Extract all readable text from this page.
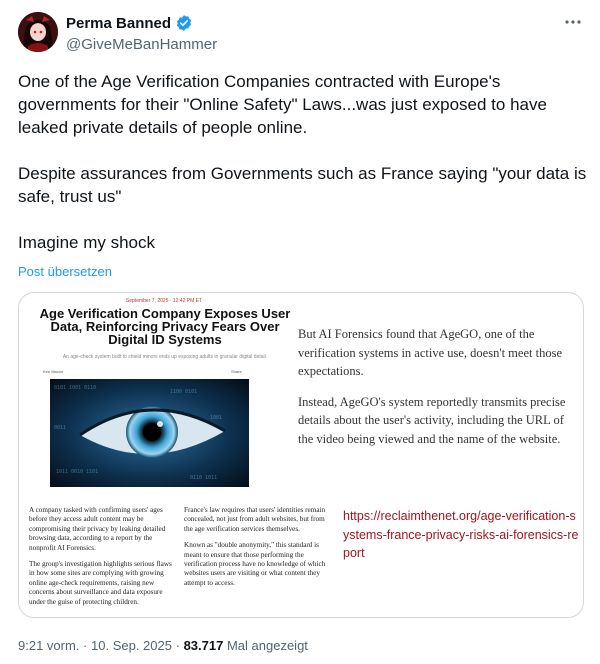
Perma Banned
@GiveMeBanHammer

One of the Age Verification Companies contracted with Europe's governments for their "Online Safety" Laws...was just exposed to have leaked private details of people online.

Despite assurances from Governments such as France saying "your data is safe, trust us"

Imagine my shock

Post übersetzen
September 7, 2025 · 12:42 PM ET
Age Verification Company Exposes User Data, Reinforcing Privacy Fears Over Digital ID Systems
An age-check system built to shield minors ends up exposing adults in granular digital detail.
Ken Macon	Share
0101 1001 0110
1100 0101
1011 0010 1101
0110 1011
1001
0011
A company tasked with confirming users' ages before they access adult content may be compromising their privacy by leaking detailed browsing data, according to a report by the nonprofit AI Forensics.
The group's investigation highlights serious flaws in how some sites are complying with growing online age-check requirements, raising new concerns about surveillance and data exposure under the guise of protecting children.
France's law requires that users' identities remain concealed, not just from adult websites, but from the age verification services themselves.
Known as "double anonymity," this standard is meant to ensure that those performing the verification process have no knowledge of which websites users are visiting or what content they attempt to access.

But AI Forensics found that AgeGO, one of the verification systems in active use, doesn't meet those expectations.

Instead, AgeGO's system reportedly transmits precise details about the user's activity, including the URL of the video being viewed and the name of the website.

https://reclaimthenet.org/age-verification-systems-france-privacy-risks-ai-forensics-report
9:21 vorm. · 10. Sep. 2025 · 83.717 Mal angezeigt
